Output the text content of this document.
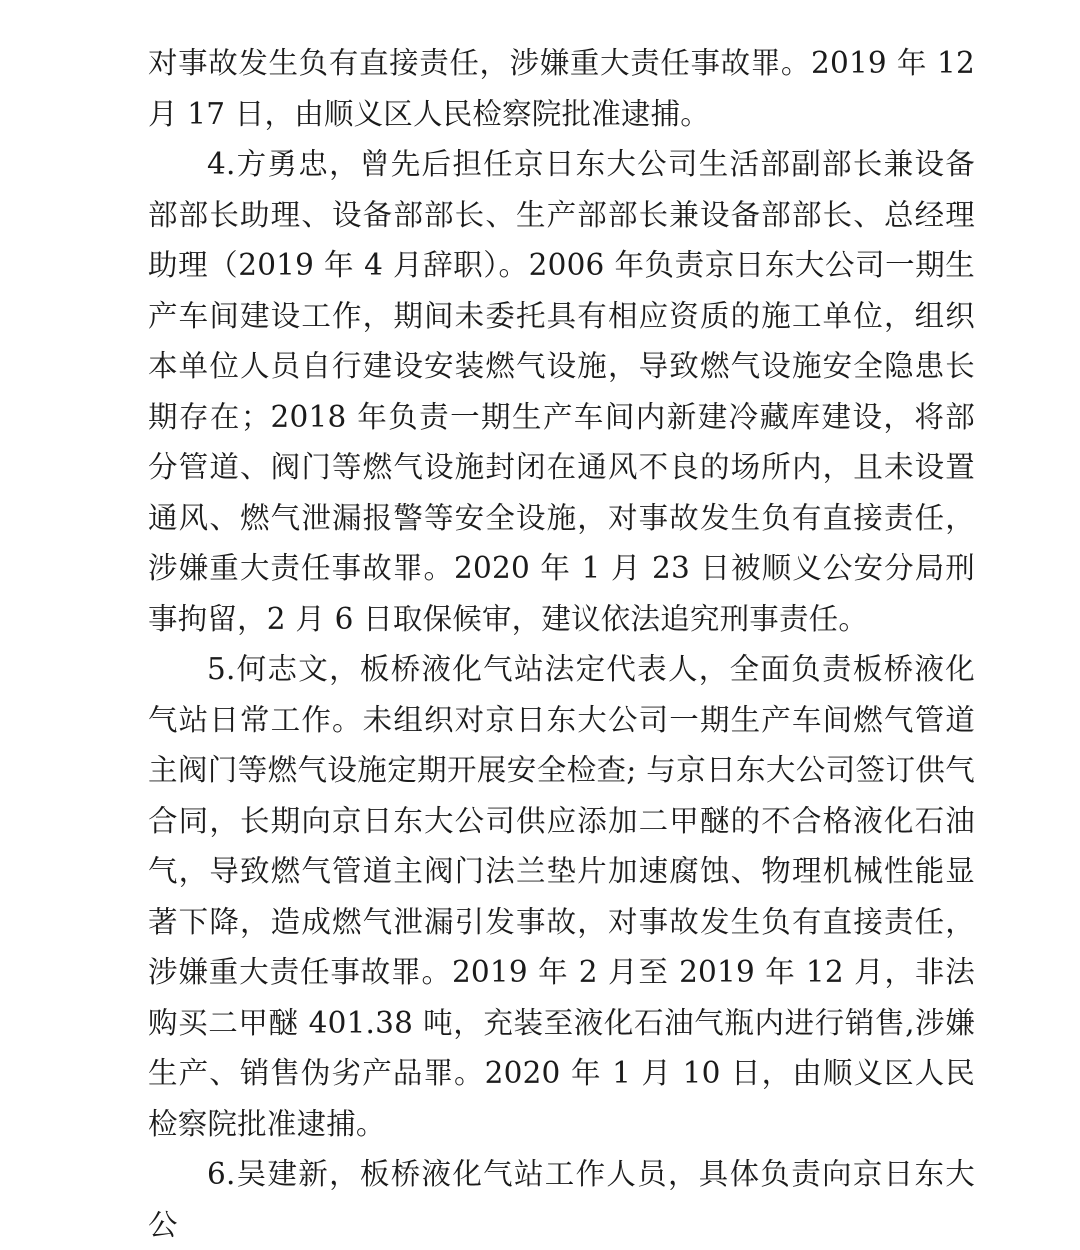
对事故发生负有直接责任，涉嫌重大责任事故罪。2019 年 12 月 17 日，由顺义区人民检察院批准逮捕。

4.方勇忠，曾先后担任京日东大公司生活部副部长兼设备部部长助理、设备部部长、生产部部长兼设备部部长、总经理助理（2019 年 4 月辞职）。2006 年负责京日东大公司一期生产车间建设工作，期间未委托具有相应资质的施工单位，组织本单位人员自行建设安装燃气设施，导致燃气设施安全隐患长期存在；2018 年负责一期生产车间内新建冷藏库建设，将部分管道、阀门等燃气设施封闭在通风不良的场所内，且未设置通风、燃气泄漏报警等安全设施，对事故发生负有直接责任，涉嫌重大责任事故罪。2020 年 1 月 23 日被顺义公安分局刑事拘留，2 月 6 日取保候审，建议依法追究刑事责任。

5.何志文，板桥液化气站法定代表人，全面负责板桥液化气站日常工作。未组织对京日东大公司一期生产车间燃气管道主阀门等燃气设施定期开展安全检查; 与京日东大公司签订供气合同，长期向京日东大公司供应添加二甲醚的不合格液化石油气，导致燃气管道主阀门法兰垫片加速腐蚀、物理机械性能显著下降，造成燃气泄漏引发事故，对事故发生负有直接责任，涉嫌重大责任事故罪。2019 年 2 月至 2019 年 12 月，非法购买二甲醚 401.38 吨，充装至液化石油气瓶内进行销售,涉嫌生产、销售伪劣产品罪。2020 年 1 月 10 日，由顺义区人民检察院批准逮捕。

6.吴建新，板桥液化气站工作人员，具体负责向京日东大公
